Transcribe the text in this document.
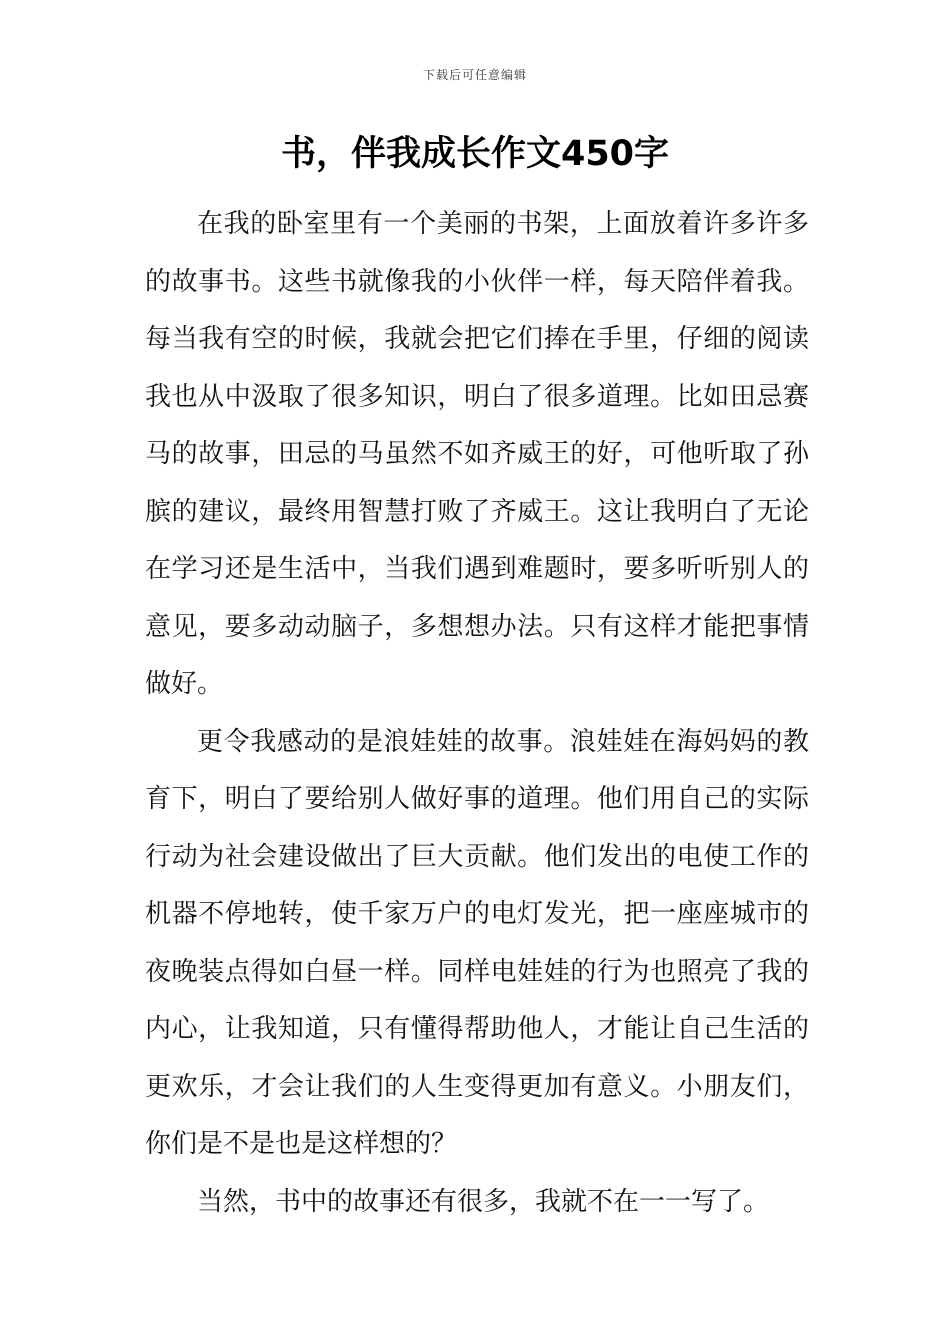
下载后可任意编辑
书，伴我成长作文450字

在我的卧室里有一个美丽的书架，上面放着许多许多的故事书。这些书就像我的小伙伴一样，每天陪伴着我。每当我有空的时候，我就会把它们捧在手里，仔细的阅读我也从中汲取了很多知识，明白了很多道理。比如田忌赛马的故事，田忌的马虽然不如齐威王的好，可他听取了孙膑的建议，最终用智慧打败了齐威王。这让我明白了无论在学习还是生活中，当我们遇到难题时，要多听听别人的意见，要多动动脑子，多想想办法。只有这样才能把事情做好。

更令我感动的是浪娃娃的故事。浪娃娃在海妈妈的教育下，明白了要给别人做好事的道理。他们用自己的实际行动为社会建设做出了巨大贡献。他们发出的电使工作的机器不停地转，使千家万户的电灯发光，把一座座城市的夜晚装点得如白昼一样。同样电娃娃的行为也照亮了我的内心，让我知道，只有懂得帮助他人，才能让自己生活的更欢乐，才会让我们的人生变得更加有意义。小朋友们，你们是不是也是这样想的？

当然，书中的故事还有很多，我就不在一一写了。
